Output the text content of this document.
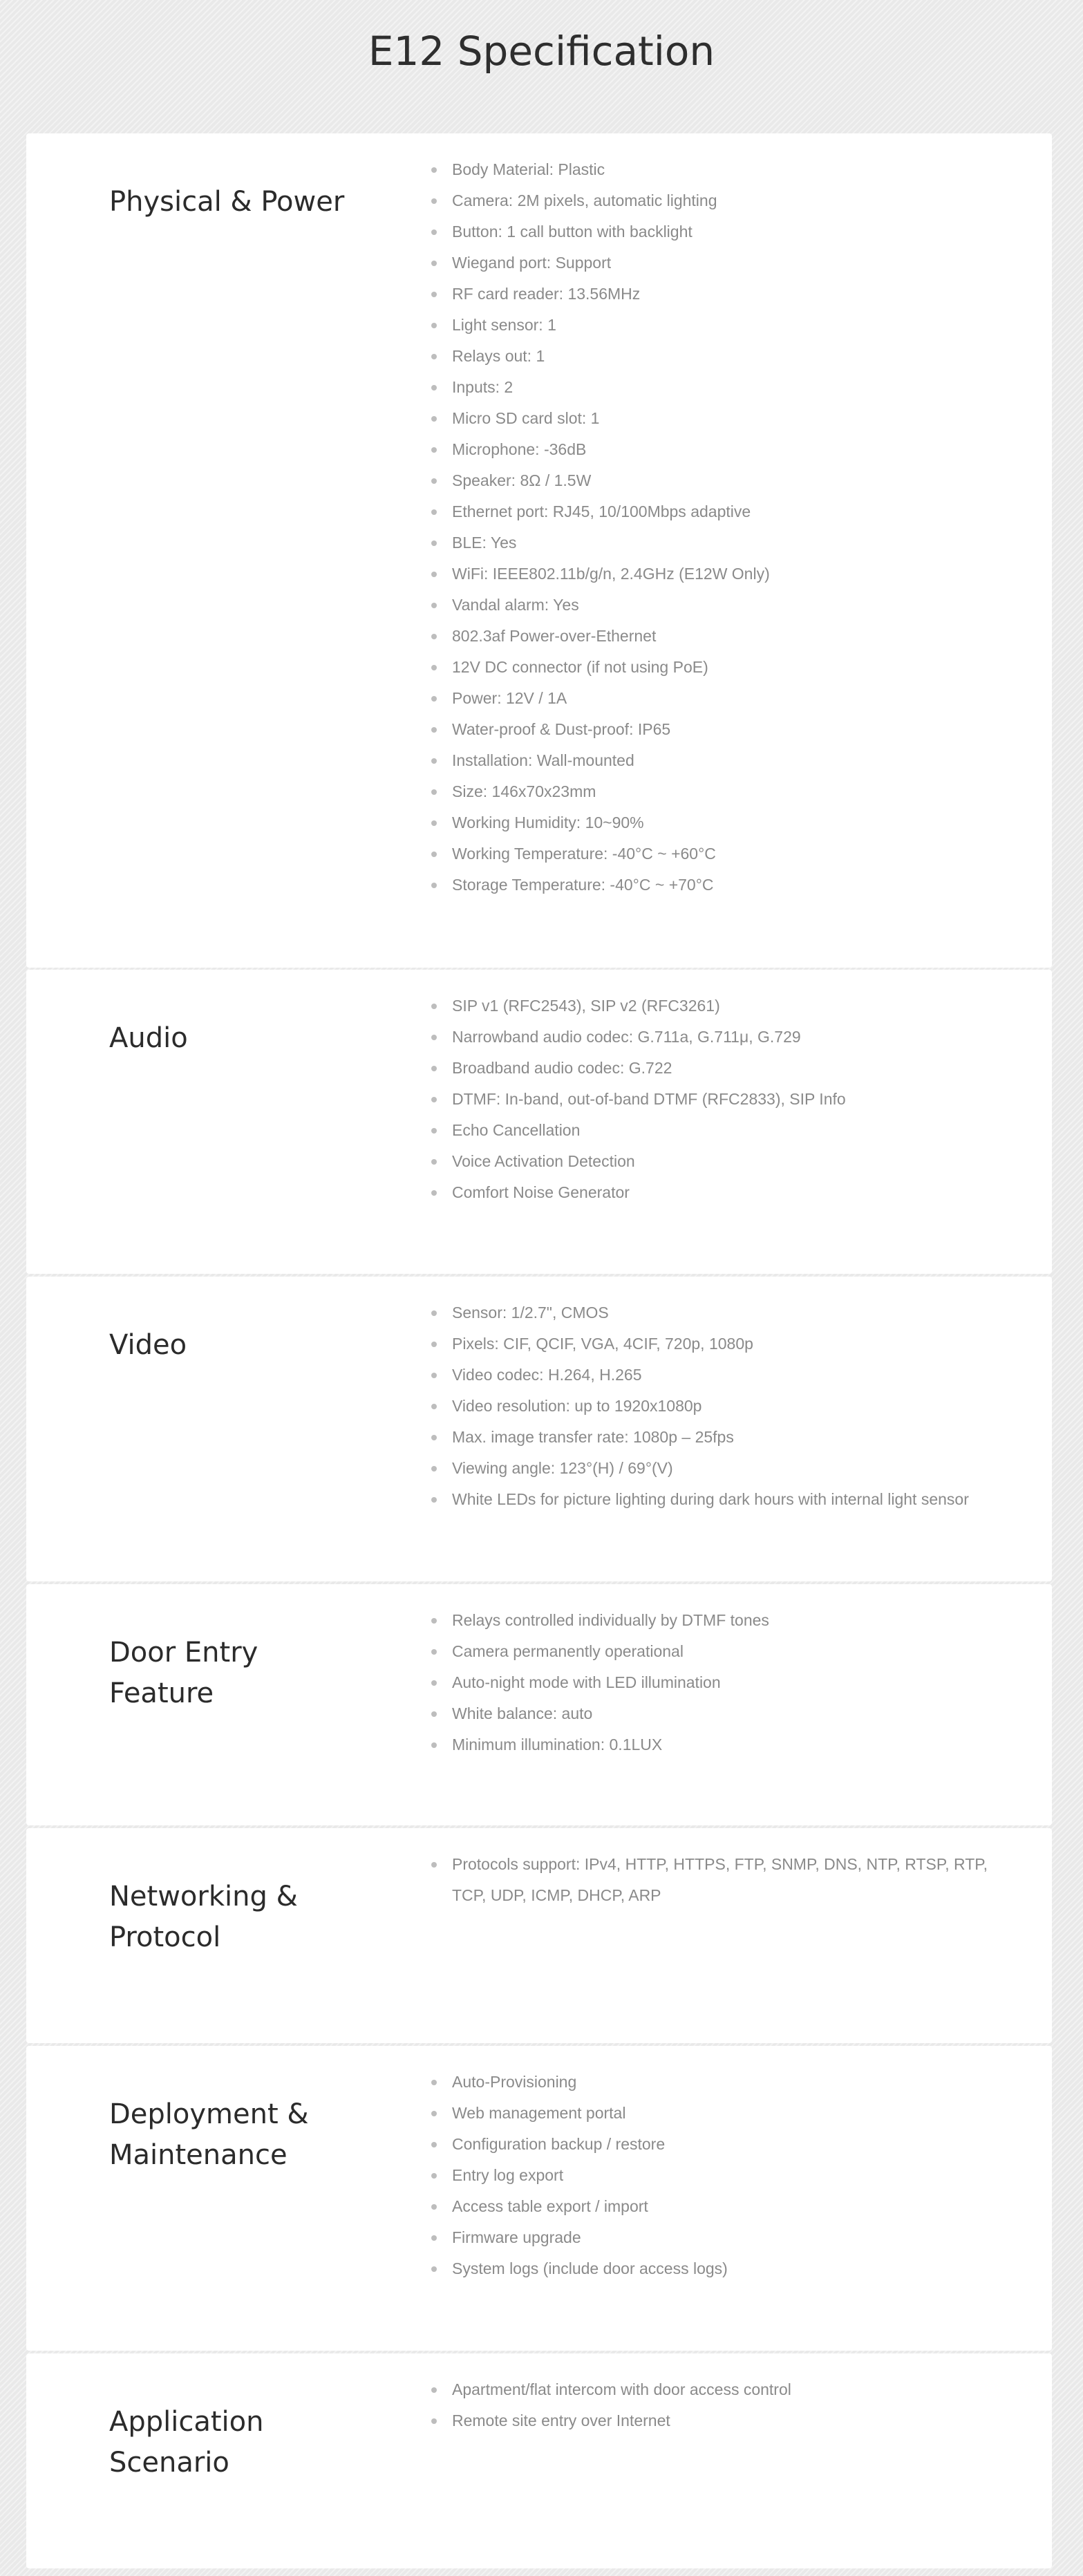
E12 Specification
Physical & Power
Body Material: Plastic
Camera: 2M pixels, automatic lighting
Button: 1 call button with backlight
Wiegand port: Support
RF card reader: 13.56MHz
Light sensor: 1
Relays out: 1
Inputs: 2
Micro SD card slot: 1
Microphone: -36dB
Speaker: 8Ω / 1.5W
Ethernet port: RJ45, 10/100Mbps adaptive
BLE: Yes
WiFi: IEEE802.11b/g/n, 2.4GHz (E12W Only)
Vandal alarm: Yes
802.3af Power-over-Ethernet
12V DC connector (if not using PoE)
Power: 12V / 1A
Water-proof & Dust-proof: IP65
Installation: Wall-mounted
Size: 146x70x23mm
Working Humidity: 10~90%
Working Temperature: -40°C ~ +60°C
Storage Temperature: -40°C ~ +70°C
Audio
SIP v1 (RFC2543), SIP v2 (RFC3261)
Narrowband audio codec: G.711a, G.711μ, G.729
Broadband audio codec: G.722
DTMF: In-band, out-of-band DTMF (RFC2833), SIP Info
Echo Cancellation
Voice Activation Detection
Comfort Noise Generator
Video
Sensor: 1/2.7", CMOS
Pixels: CIF, QCIF, VGA, 4CIF, 720p, 1080p
Video codec: H.264, H.265
Video resolution: up to 1920x1080p
Max. image transfer rate: 1080p – 25fps
Viewing angle: 123°(H) / 69°(V)
White LEDs for picture lighting during dark hours with internal light sensor
Door Entry Feature
Relays controlled individually by DTMF tones
Camera permanently operational
Auto-night mode with LED illumination
White balance: auto
Minimum illumination: 0.1LUX
Networking & Protocol
Protocols support: IPv4, HTTP, HTTPS, FTP, SNMP, DNS, NTP, RTSP, RTP, TCP, UDP, ICMP, DHCP, ARP
Deployment & Maintenance
Auto-Provisioning
Web management portal
Configuration backup / restore
Entry log export
Access table export / import
Firmware upgrade
System logs (include door access logs)
Application Scenario
Apartment/flat intercom with door access control
Remote site entry over Internet
